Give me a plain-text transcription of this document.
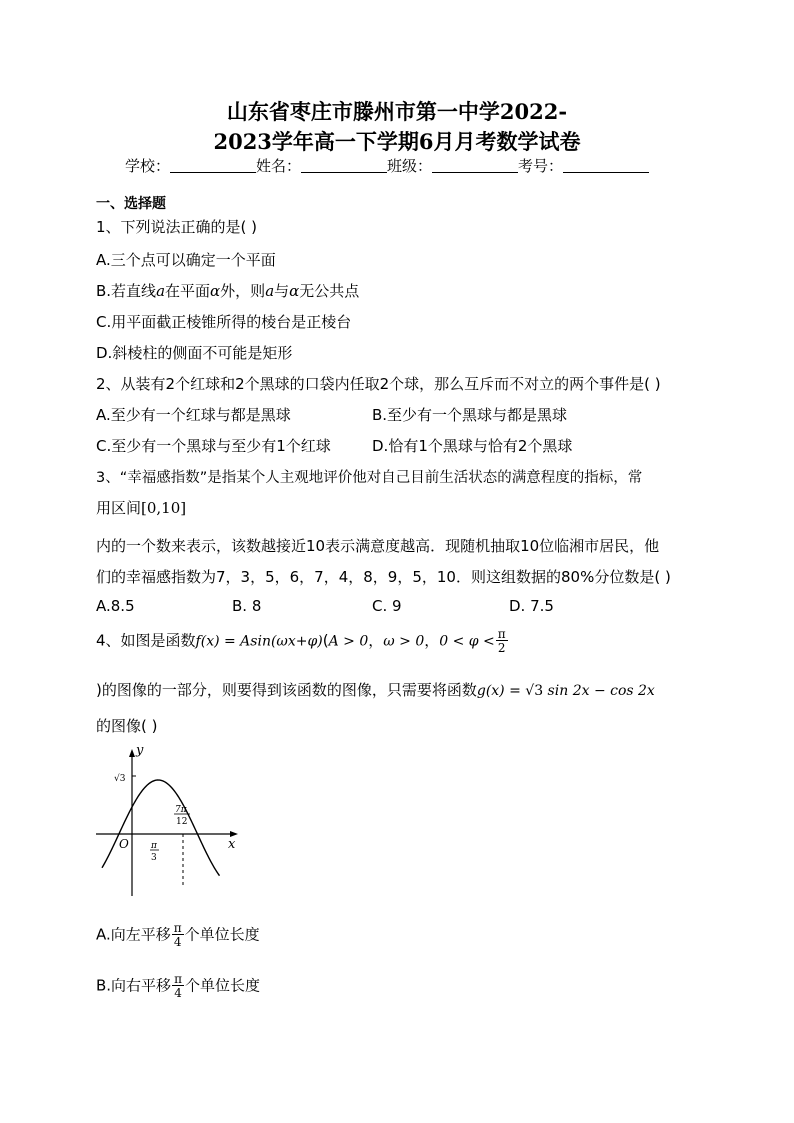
山东省枣庄市滕州市第一中学2022-
2023学年高一下学期6月月考数学试卷
学校：	姓名：	班级：	考号：
一、选择题
1、下列说法正确的是( )
A.三个点可以确定一个平面
B.若直线a在平面α外，则a与α无公共点
C.用平面截正棱锥所得的棱台是正棱台
D.斜棱柱的侧面不可能是矩形
2、从装有2个红球和2个黑球的口袋内任取2个球，那么互斥而不对立的两个事件是( )
A.至少有一个红球与都是黑球	B.至少有一个黑球与都是黑球
C.至少有一个黑球与至少有1个红球	D.恰有1个黑球与恰有2个黑球
3、“幸福感指数”是指某个人主观地评价他对自己目前生活状态的满意程度的指标，常
用区间[0,10]
内的一个数来表示，该数越接近10表示满意度越高．现随机抽取10位临湘市居民，他
们的幸福感指数为7，3，5，6，7，4，8，9，5，10．则这组数据的80%分位数是( )
A.8.5	B. 8	C. 9	D. 7.5
4、如图是函数f(x) = Asin(ωx+φ)(A > 0，ω > 0，$0 < \varphi < \frac{\pi}{2}$
)的图像的一部分，则要得到该函数的图像，只需要将函数g(x) = √3 sin 2x − cos 2x
的图像( )
y
x
O
√3
π
3
7π
12
A.向左平移 $\frac{\pi}{4}$ 个单位长度
B.向右平移 $\frac{\pi}{4}$ 个单位长度
